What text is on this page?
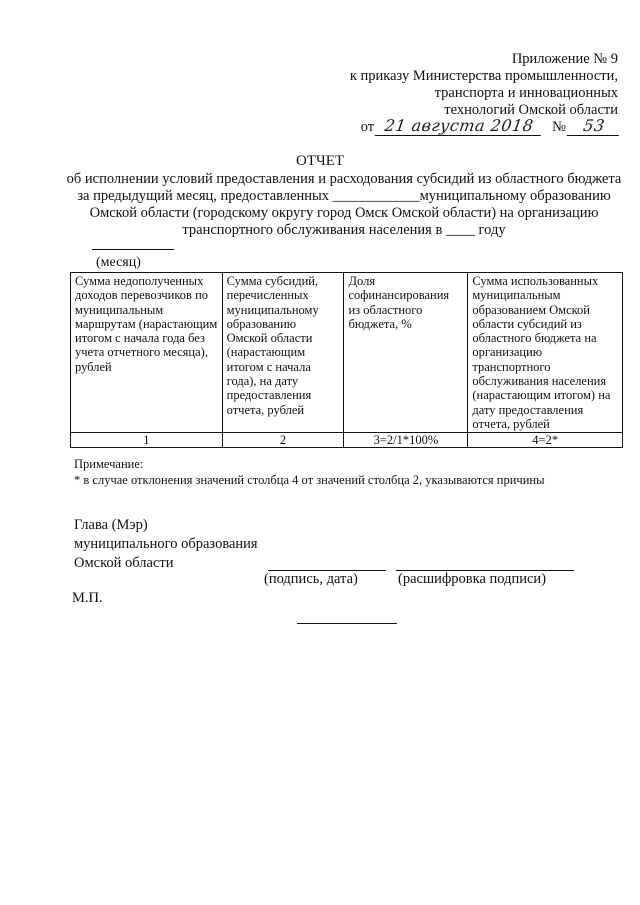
Приложение № 9
к приказу Министерства промышленности,
транспорта и инновационных
технологий Омской области
от 21 августа 2018	№	53
ОТЧЕТ
об исполнении условий предоставления и расходования субсидий из областного бюджета за предыдущий месяц, предоставленных ____________муниципальному образованию Омской области (городскому округу город Омск Омской области) на организацию транспортного обслуживания населения в ____ году
(месяц)
Сумма недополученных доходов перевозчиков по муниципальным маршрутам (нарастающим итогом с начала года без учета отчетного месяца), рублей	Сумма субсидий, перечисленных муниципальному образованию Омской области (нарастающим итогом с начала года), на дату предоставления отчета, рублей	Доля софинансирования из областного бюджета, %	Сумма использованных муниципальным образованием Омской области субсидий из областного бюджета на организацию транспортного обслуживания населения (нарастающим итогом) на дату предоставления отчета, рублей
1	2	3=2/1*100%	4=2*
Примечание:
* в случае отклонения значений столбца 4 от значений столбца 2, указываются причины
Глава (Мэр)
муниципального образования
Омской области
(подпись, дата)	(расшифровка подписи)
М.П.
